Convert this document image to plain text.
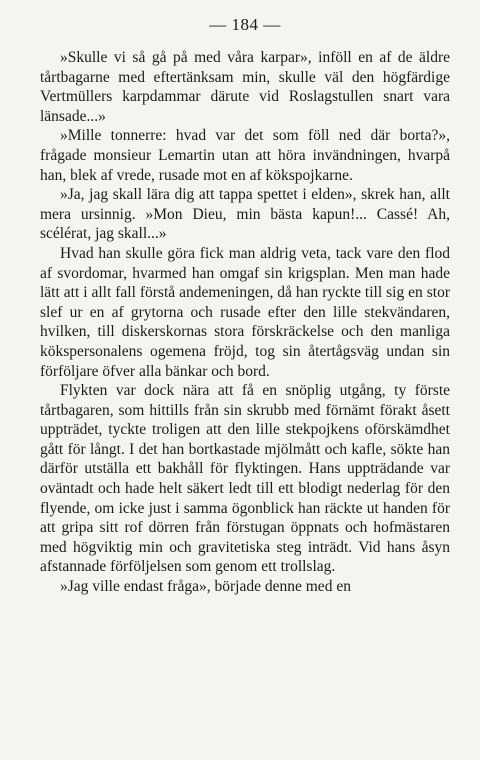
— 184 —

»Skulle vi så gå på med våra karpar», inföll en af de äldre tårtbagarne med eftertänksam min, skulle väl den högfärdige Vertmüllers karpdammar därute vid Roslagstullen snart vara länsade...»

»Mille tonnerre: hvad var det som föll ned där borta?», frågade monsieur Lemartin utan att höra invändningen, hvarpå han, blek af vrede, rusade mot en af kökspojkarne.

»Ja, jag skall lära dig att tappa spettet i elden», skrek han, allt mera ursinnig. »Mon Dieu, min bästa kapun!... Cassé! Ah, scélérat, jag skall...»

Hvad han skulle göra fick man aldrig veta, tack vare den flod af svordomar, hvarmed han omgaf sin krigsplan. Men man hade lätt att i allt fall förstå andemeningen, då han ryckte till sig en stor slef ur en af grytorna och rusade efter den lille stekvändaren, hvilken, till diskerskornas stora förskräckelse och den manliga kökspersonalens ogemena fröjd, tog sin återtågsväg undan sin förföljare öfver alla bänkar och bord.

Flykten var dock nära att få en snöplig utgång, ty förste tårtbagaren, som hittills från sin skrubb med förnämt förakt åsett uppträdet, tyckte troligen att den lille stekpojkens oförskämdhet gått för långt. I det han bortkastade mjölmått och kafle, sökte han därför utställa ett bakhåll för flyktingen. Hans uppträdande var oväntadt och hade helt säkert ledt till ett blodigt nederlag för den flyende, om icke just i samma ögonblick han räckte ut handen för att gripa sitt rof dörren från förstugan öppnats och hofmästaren med högviktig min och gravitetiska steg inträdt. Vid hans åsyn afstannade förföljelsen som genom ett trollslag.

»Jag ville endast fråga», började denne med en
